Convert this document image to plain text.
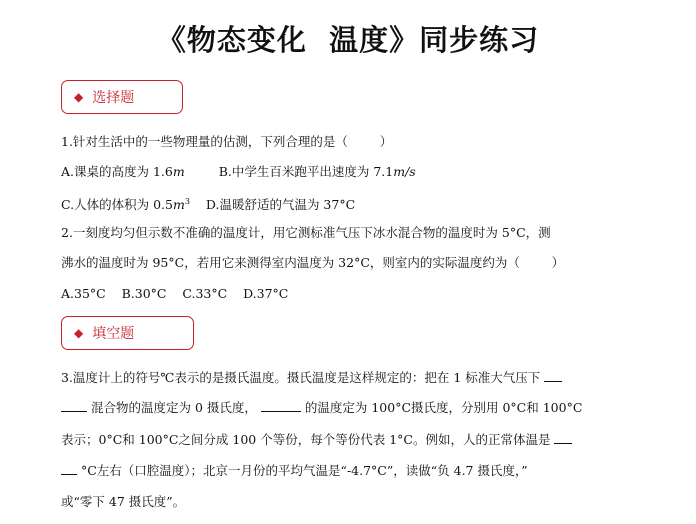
《物态变化  温度》同步练习
◆ 选择题
1.针对生活中的一些物理量的估测，下列合理的是（        ）
A.课桌的高度为 1.6m	B.中学生百米跑平出速度为 7.1m/s
C.人体的体积为 $0.5m^3$ D.温暖舒适的气温为 37°C
2.一刻度均匀但示数不准确的温度计，用它测标准气压下冰水混合物的温度时为 5°C，测
沸水的温度时为 95°C，若用它来测得室内温度为 32°C，则室内的实际温度约为（        ）
A.35°C    B.30°C    C.33°C    D.37°C
◆ 填空题
3.温度计上的符号℃表示的是摄氏温度。摄氏温度是这样规定的：把在 1 标准大气压下
混合物的温度定为 0 摄氏度，	的温度定为 100°C摄氏度，分别用 0°C和 100°C
表示；0°C和 100°C之间分成 100 个等份，每个等份代表 1°C。例如，人的正常体温是
°C左右（口腔温度）；北京一月份的平均气温是“-4.7°C”，读做“负 4.7 摄氏度，”
或“零下 47 摄氏度”。
